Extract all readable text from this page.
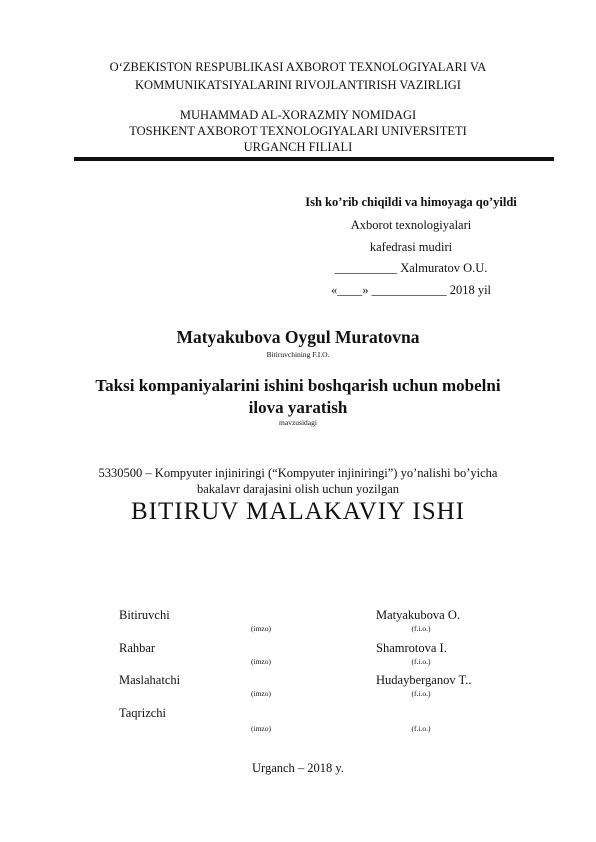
O‘ZBEKISTON RESPUBLIKASI AXBOROT TEXNOLOGIYALARI VA
KOMMUNIKATSIYALARINI RIVOJLANTIRISH VAZIRLIGI
MUHAMMAD AL-XORAZMIY NOMIDAGI
TOSHKENT AXBOROT TEXNOLOGIYALARI UNIVERSITETI
URGANCH FILIALI
Ish ko’rib chiqildi va himoyaga qo’yildi
Axborot texnologiyalari
kafedrasi mudiri
__________ Xalmuratov O.U.
«____» ____________ 2018 yil
Matyakubova Oygul Muratovna
Bitiruvchining F.I.O.
Taksi kompaniyalarini ishini boshqarish uchun mobelni
ilova yaratish
mavzusidagi
5330500 – Kompyuter injiniringi (“Kompyuter injiniringi”) yo’nalishi bo’yicha
bakalavr darajasini olish uchun yozilgan
BITIRUV MALAKAVIY ISHI
Bitiruvchi	Matyakubova O.
(imzo)	(f.i.o.)
Rahbar	Shamrotova I.
(imzo)	(f.i.o.)
Maslahatchi	Hudayberganov T..
(imzo)	(f.i.o.)
Taqrizchi
(imzo)	(f.i.o.)
Urganch – 2018 y.
